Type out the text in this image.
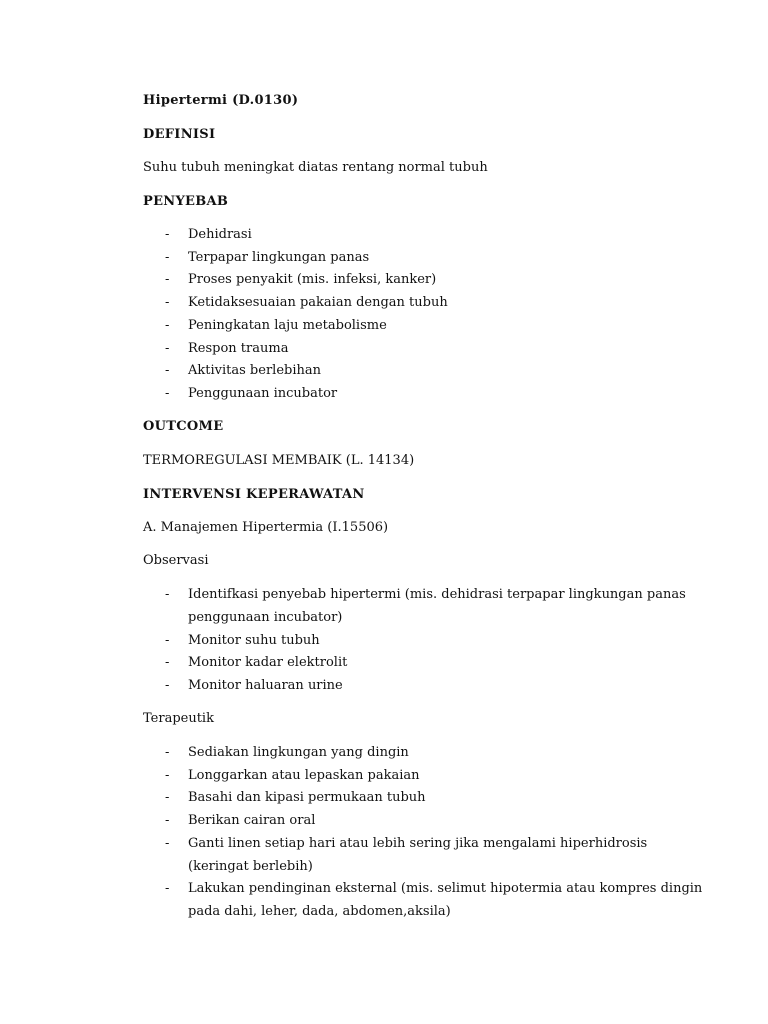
Hipertermi (D.0130)
DEFINISI
Suhu tubuh meningkat diatas rentang normal tubuh
PENYEBAB
- Dehidrasi
- Terpapar lingkungan panas
- Proses penyakit (mis. infeksi, kanker)
- Ketidaksesuaian pakaian dengan tubuh
- Peningkatan laju metabolisme
- Respon trauma
- Aktivitas berlebihan
- Penggunaan incubator
OUTCOME
TERMOREGULASI MEMBAIK (L. 14134)
INTERVENSI KEPERAWATAN
A. Manajemen Hipertermia (I.15506)
Observasi
- Identifkasi penyebab hipertermi (mis. dehidrasi terpapar lingkungan panas
penggunaan incubator)
- Monitor suhu tubuh
- Monitor kadar elektrolit
- Monitor haluaran urine
Terapeutik
- Sediakan lingkungan yang dingin
- Longgarkan atau lepaskan pakaian
- Basahi dan kipasi permukaan tubuh
- Berikan cairan oral
- Ganti linen setiap hari atau lebih sering jika mengalami hiperhidrosis
(keringat berlebih)
- Lakukan pendinginan eksternal (mis. selimut hipotermia atau kompres dingin
pada dahi, leher, dada, abdomen,aksila)
